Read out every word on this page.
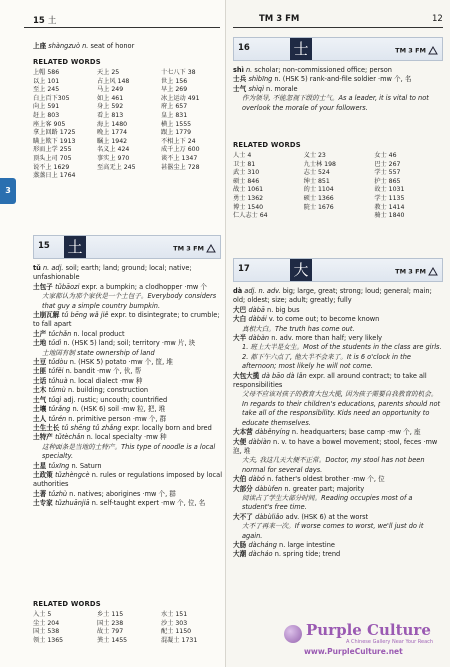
15 土
3
上座 shàngzuò n. seat of honor
RELATED WORDS
上帽 586	天上 25	十七八下 38
以上 101	占上风 148	世上 156
至上 245	马上 249	早上 269
白上百下305	如上 461	冰上运动 491
向上 591	身上 592	府上 657
赶上 803	看上 813	皇上 831
座上客 905	海上 1480	横上 1555
拿上回路 1725	晚上 1774	跟上 1779
瞒上欺下 1913	瞩上 1942	不相上下 24
形而上学 255	名义上 424	成千上万 600
顶头上司 705	事实上 970	谈不上 1347
说不上 1629	至高无上 245	甚嚣尘上 728
蒸蒸日上 1764
15 土	TM 3 FM
tǔ n. adj. soil; earth; land; ground; local; native; unfashionable
土包子 tǔbāozi expr. a bumpkin; a clodhopper ·mw 个
大家都认为那个家伙是一个土包子。Everybody considers that guy a simple country bumpkin.
土崩瓦解 tǔ bēng wǎ jiě expr. to disintegrate; to crumble; to fall apart
土产 tǔchǎn n. local product
土地 tǔdì n. (HSK 5) land; soil; territory ·mw 片, 块
土地国有制 state ownership of land
土豆 tǔdòu n. (HSK 5) potato ·mw 个, 筐, 堆
土匪 tǔfěi n. bandit ·mw 个, 伙, 帮
土话 tǔhuà n. local dialect ·mw 种
土木 tǔmù n. building; construction
土气 tǔqì adj. rustic; uncouth; countrified
土壤 tǔrǎng n. (HSK 6) soil ·mw 粒, 把, 堆
土人 tǔrén n. primitive person ·mw 个, 群
土生土长 tǔ shēng tǔ zhǎng expr. locally born and bred
土特产 tǔtèchǎn n. local specialty ·mw 种
这种面条是当地的土特产。This type of noodle is a local specialty.
土星 tǔxīng n. Saturn
土政策 tǔzhèngcè n. rules or regulations imposed by local authorities
土著 tǔzhù n. natives; aborigines ·mw 个, 群
土专家 tǔzhuānjiā n. self-taught expert ·mw 个, 位, 名
RELATED WORDS
入土 5	乡土 115	水土 151
尘土 204	国土 238	沙土 303
国土 538	故土 797	配土 1150
领土 1365	粪土 1455	混凝土 1731
TM 3 FM	12
16	士	TM 3 FM
shì n. scholar; non-commissioned office; person
士兵 shìbīng n. (HSK 5) rank-and-file soldier ·mw 个, 名
士气 shìqì n. morale
作为领导, 不能忽视下级的士气。As a leader, it is vital to not overlook the morale of your followers.
RELATED WORDS
人士 4	义士 23	女士 46
卫士 81	九士林 198	巴士 267
武士 310	志士 524	学士 557
硕士 846	绅士 851	护士 865
战士 1061	的士 1104	故士 1031
勇士 1362	硕士 1366	学士 1135
博士 1540	院士 1676	教士 1414
仁人志士 64	骑士 1840
17	大	TM 3 FM
dà adj. n. adv. big; large, great; strong; loud; general; main; old; oldest; size; adult; greatly; fully
大巴 dàbā n. big bus
大白 dàbái v. to come out; to become known
真相大白。The truth has come out.
大半 dàbàn n. adv. more than half; very likely
1. 班上大半是女生。Most of the students in the class are girls.
2. 都下午六点了, 他大半不会来了。It is 6 o'clock in the afternoon; most likely he will not come.
大包大揽 dà bāo dà lǎn expr. all around contract; to take all responsibilities
父母不应该对孩子的教育大包大揽, 因为孩子需要自我教育的机会。In regards to their children's educations, parents should not take all of the responsibility. Kids need an opportunity to educate themselves.
大本营 dàběnyíng n. headquarters; base camp ·mw 个, 座
大便 dàbiàn n. v. to have a bowel movement; stool, feces ·mw 泡, 堆
大夫, 我这几天大便不正常。Doctor, my stool has not been normal for several days.
大伯 dàbó n. father's oldest brother ·mw 个, 位
大部分 dàbùfen n. greater part; majority
阅读占了学生大部分时间。Reading occupies most of a student's free time.
大不了 dàbùliǎo adv. (HSK 6) at the worst
大不了再来一次。If worse comes to worst, we'll just do it again.
大肠 dàcháng n. large intestine
大潮 dàcháo n. spring tide; trend
Purple Culture
A Chinese Gallery Near Your Reach
www.PurpleCulture.net
